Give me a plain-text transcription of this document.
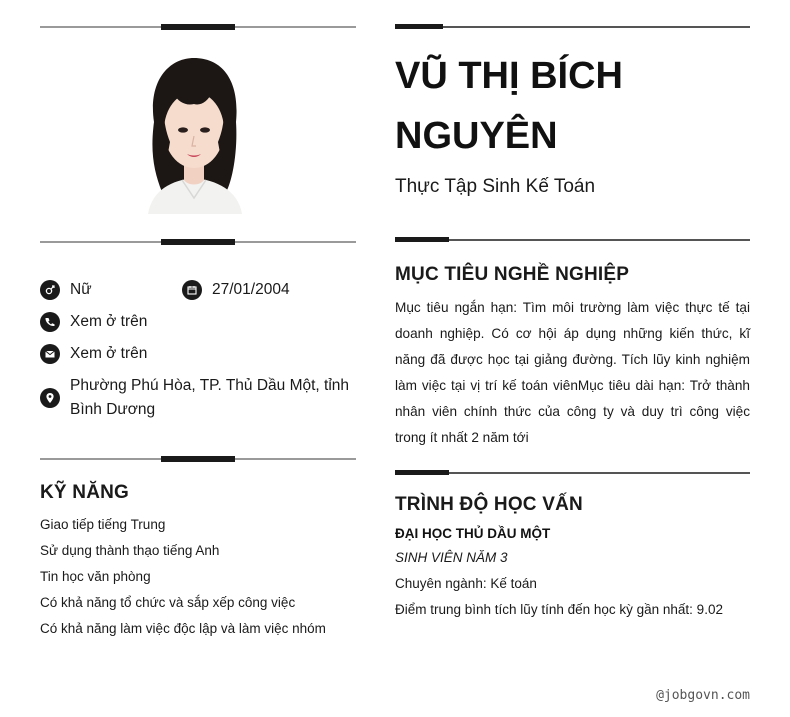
Nữ	27/01/2004
Xem ở trên
Xem ở trên
Phường Phú Hòa, TP. Thủ Dầu Một, tỉnh Bình Dương
KỸ NĂNG
Giao tiếp tiếng Trung
Sử dụng thành thạo tiếng Anh
Tin học văn phòng
Có khả năng tổ chức và sắp xếp công việc
Có khả năng làm việc độc lập và làm việc nhóm
VŨ THỊ BÍCH NGUYÊN
Thực Tập Sinh Kế Toán
MỤC TIÊU NGHỀ NGHIỆP
Mục tiêu ngắn hạn: Tìm môi trường làm việc thực tế tại doanh nghiệp. Có cơ hội áp dụng những kiến thức, kĩ năng đã được học tại giảng đường. Tích lũy kinh nghiệm làm việc tại vị trí kế toán viênMục tiêu dài hạn: Trở thành nhân viên chính thức của công ty và duy trì công việc trong ít nhất 2 năm tới
TRÌNH ĐỘ HỌC VẤN
ĐẠI HỌC THỦ DẦU MỘT
SINH VIÊN NĂM 3
Chuyên ngành: Kế toán
Điểm trung bình tích lũy tính đến học kỳ gần nhất: 9.02
@jobgovn.com
